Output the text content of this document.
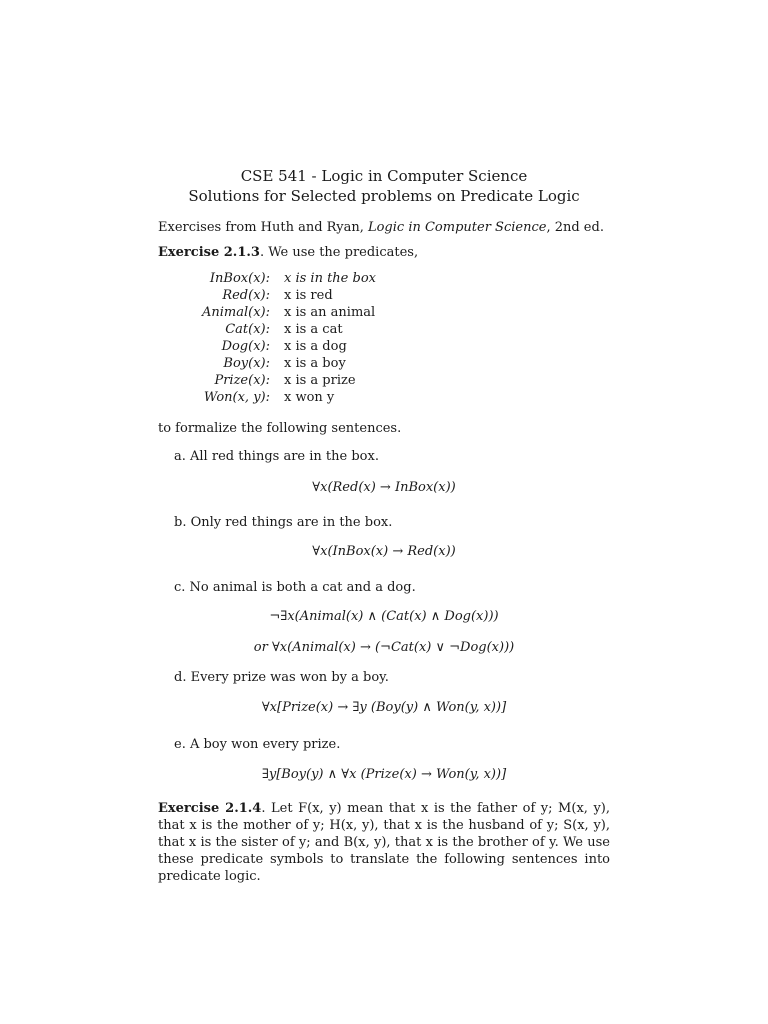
CSE 541 - Logic in Computer Science
Solutions for Selected problems on Predicate Logic
Exercises from Huth and Ryan, Logic in Computer Science, 2nd ed.
Exercise 2.1.3. We use the predicates,
InBox(x): x is in the box
Red(x): x is red
Animal(x): x is an animal
Cat(x): x is a cat
Dog(x): x is a dog
Boy(x): x is a boy
Prize(x): x is a prize
Won(x, y): x won y
to formalize the following sentences.
a. All red things are in the box.
∀x(Red(x) → InBox(x))
b. Only red things are in the box.
∀x(InBox(x) → Red(x))
c. No animal is both a cat and a dog.
¬∃x(Animal(x) ∧ (Cat(x) ∧ Dog(x)))
or ∀x(Animal(x) → (¬Cat(x) ∨ ¬Dog(x)))
d. Every prize was won by a boy.
∀x[Prize(x) → ∃y (Boy(y) ∧ Won(y, x))]
e. A boy won every prize.
∃y[Boy(y) ∧ ∀x (Prize(x) → Won(y, x))]
Exercise 2.1.4. Let F(x, y) mean that x is the father of y; M(x, y), that x is the mother of y; H(x, y), that x is the husband of y; S(x, y), that x is the sister of y; and B(x, y), that x is the brother of y. We use these predicate symbols to translate the following sentences into predicate logic.
